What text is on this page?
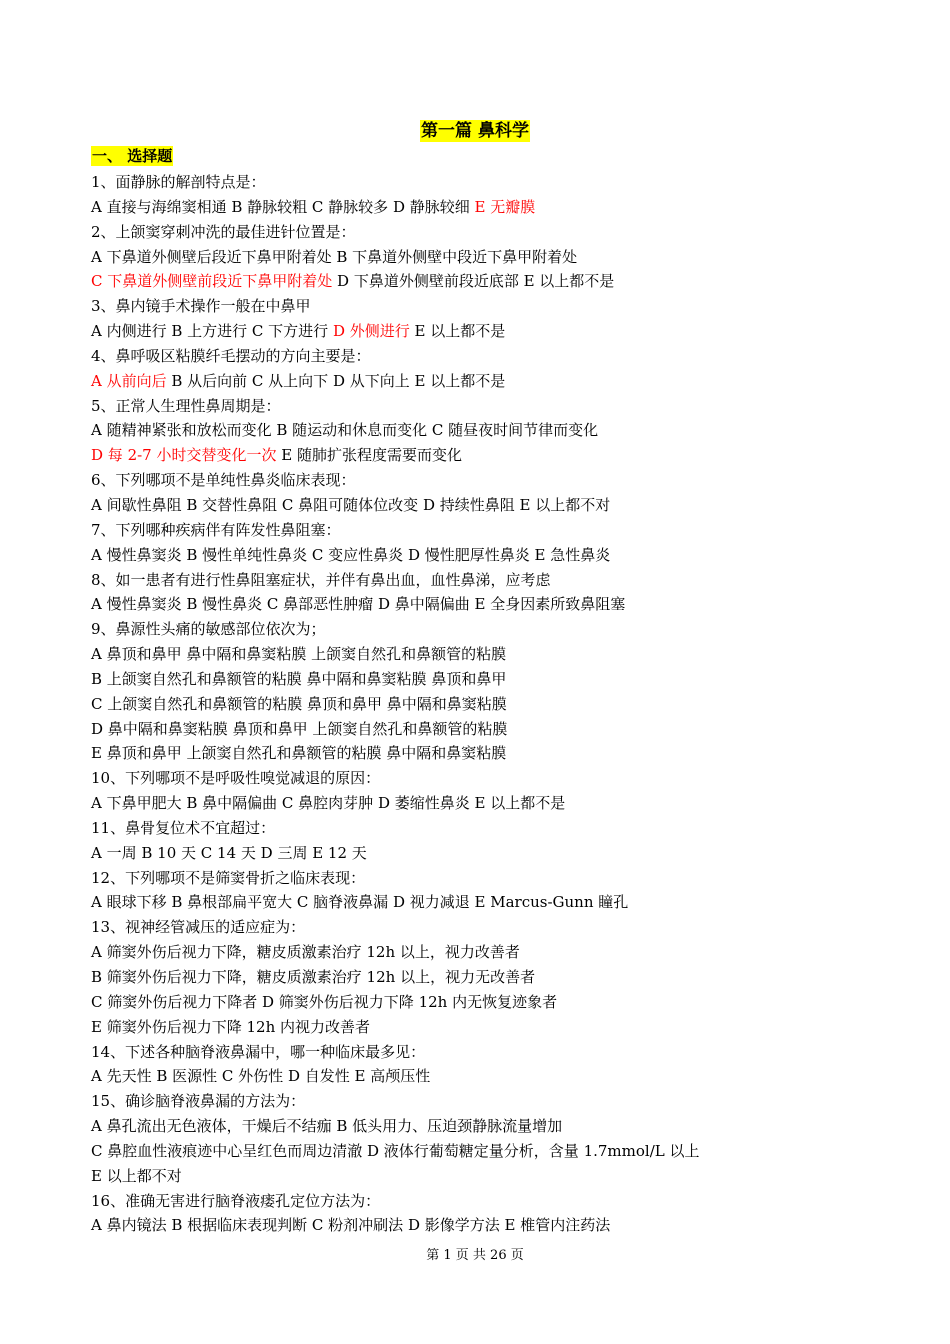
第一篇 鼻科学
一、 选择题
1、面静脉的解剖特点是：
A 直接与海绵窦相通 B 静脉较粗 C 静脉较多 D 静脉较细 E 无瓣膜
2、上颌窦穿刺冲洗的最佳进针位置是：
A 下鼻道外侧壁后段近下鼻甲附着处 B 下鼻道外侧壁中段近下鼻甲附着处
C 下鼻道外侧壁前段近下鼻甲附着处 D 下鼻道外侧壁前段近底部 E 以上都不是
3、鼻内镜手术操作一般在中鼻甲
A 内侧进行 B 上方进行 C 下方进行 D 外侧进行 E 以上都不是
4、鼻呼吸区粘膜纤毛摆动的方向主要是：
A 从前向后 B 从后向前 C 从上向下 D 从下向上 E 以上都不是
5、正常人生理性鼻周期是：
A 随精神紧张和放松而变化 B 随运动和休息而变化 C 随昼夜时间节律而变化
D 每 2-7 小时交替变化一次 E 随肺扩张程度需要而变化
6、下列哪项不是单纯性鼻炎临床表现：
A 间歇性鼻阻 B 交替性鼻阻 C 鼻阻可随体位改变 D 持续性鼻阻 E 以上都不对
7、下列哪种疾病伴有阵发性鼻阻塞：
A 慢性鼻窦炎 B 慢性单纯性鼻炎 C 变应性鼻炎 D 慢性肥厚性鼻炎 E 急性鼻炎
8、如一患者有进行性鼻阻塞症状，并伴有鼻出血，血性鼻涕，应考虑
A 慢性鼻窦炎 B 慢性鼻炎 C 鼻部恶性肿瘤 D 鼻中隔偏曲 E 全身因素所致鼻阻塞
9、鼻源性头痛的敏感部位依次为；
A 鼻顶和鼻甲 鼻中隔和鼻窦粘膜 上颌窦自然孔和鼻额管的粘膜
B 上颌窦自然孔和鼻额管的粘膜 鼻中隔和鼻窦粘膜 鼻顶和鼻甲
C 上颌窦自然孔和鼻额管的粘膜 鼻顶和鼻甲 鼻中隔和鼻窦粘膜
D 鼻中隔和鼻窦粘膜 鼻顶和鼻甲 上颌窦自然孔和鼻额管的粘膜
E 鼻顶和鼻甲 上颌窦自然孔和鼻额管的粘膜 鼻中隔和鼻窦粘膜
10、下列哪项不是呼吸性嗅觉减退的原因：
A 下鼻甲肥大 B 鼻中隔偏曲 C 鼻腔肉芽肿 D 萎缩性鼻炎 E 以上都不是
11、鼻骨复位术不宜超过：
A 一周 B 10 天 C 14 天 D 三周 E 12 天
12、下列哪项不是筛窦骨折之临床表现：
A 眼球下移 B 鼻根部扁平宽大 C 脑脊液鼻漏 D 视力减退 E Marcus-Gunn 瞳孔
13、视神经管减压的适应症为：
A 筛窦外伤后视力下降，糖皮质激素治疗 12h 以上，视力改善者
B 筛窦外伤后视力下降，糖皮质激素治疗 12h 以上，视力无改善者
C 筛窦外伤后视力下降者 D 筛窦外伤后视力下降 12h 内无恢复迹象者
E 筛窦外伤后视力下降 12h 内视力改善者
14、下述各种脑脊液鼻漏中，哪一种临床最多见：
A 先天性 B 医源性 C 外伤性 D 自发性 E 高颅压性
15、确诊脑脊液鼻漏的方法为：
A 鼻孔流出无色液体，干燥后不结痂 B 低头用力、压迫颈静脉流量增加
C 鼻腔血性液痕迹中心呈红色而周边清澈 D 液体行葡萄糖定量分析，含量 1.7mmol/L 以上
E 以上都不对
16、准确无害进行脑脊液瘘孔定位方法为：
A 鼻内镜法 B 根据临床表现判断 C 粉剂冲刷法 D 影像学方法 E 椎管内注药法
第 1 页 共 26 页
